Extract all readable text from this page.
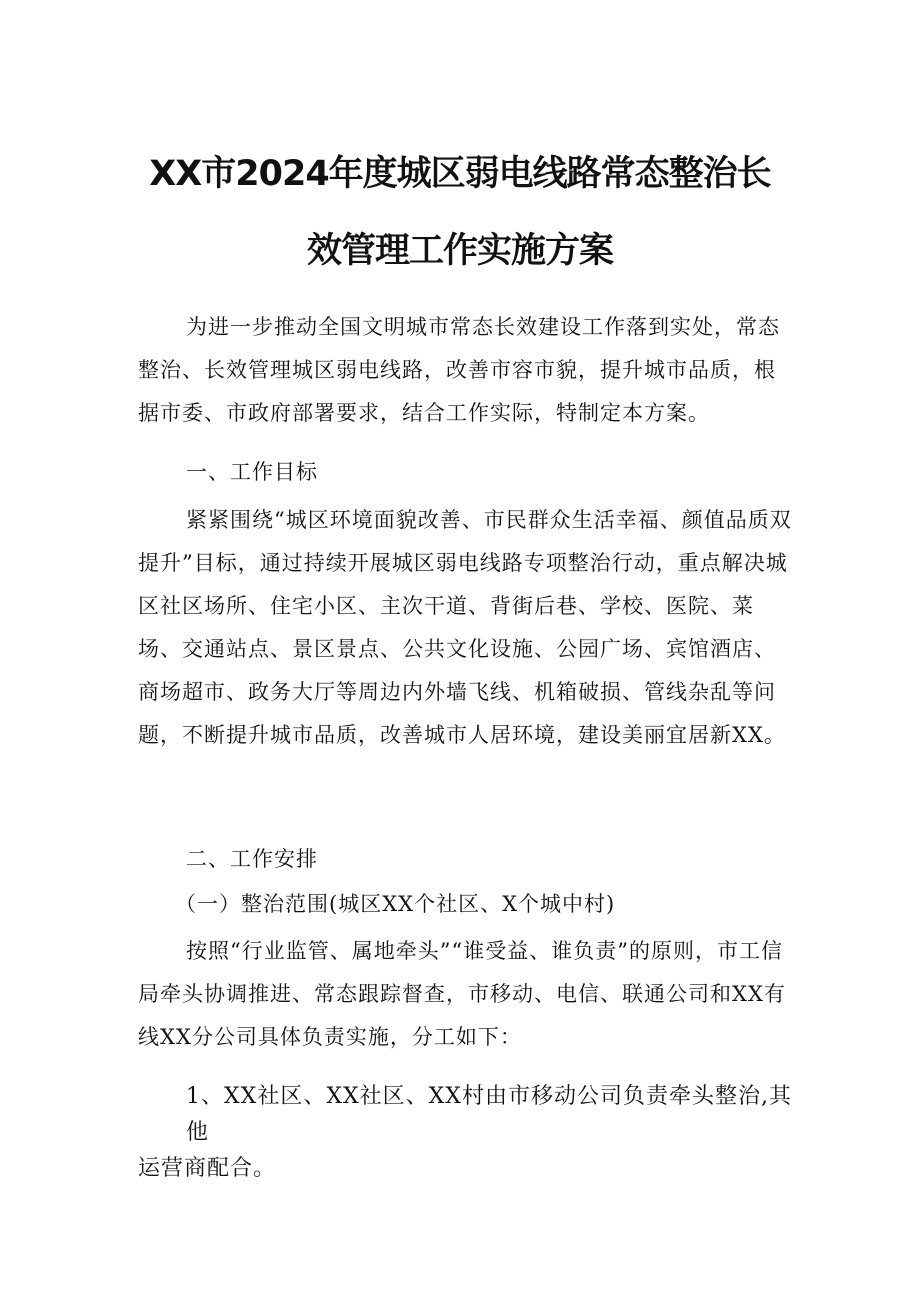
XX市2024年度城区弱电线路常态整治长
效管理工作实施方案
为进一步推动全国文明城市常态长效建设工作落到实处，常态整治、长效管理城区弱电线路，改善市容市貌，提升城市品质，根据市委、市政府部署要求，结合工作实际，特制定本方案。
一、工作目标
紧紧围绕“城区环境面貌改善、市民群众生活幸福、颜值品质双提升”目标，通过持续开展城区弱电线路专项整治行动，重点解决城区社区场所、住宅小区、主次干道、背街后巷、学校、医院、菜场、交通站点、景区景点、公共文化设施、公园广场、宾馆酒店、商场超市、政务大厅等周边内外墙飞线、机箱破损、管线杂乱等问题，不断提升城市品质，改善城市人居环境，建设美丽宜居新XX。
二、工作安排
（一）整治范围(城区XX个社区、X个城中村)
按照“行业监管、属地牵头”“谁受益、谁负责”的原则，市工信局牵头协调推进、常态跟踪督查，市移动、电信、联通公司和XX有线XX分公司具体负责实施，分工如下：
1、XX社区、XX社区、XX村由市移动公司负责牵头整治,其他
运营商配合。
